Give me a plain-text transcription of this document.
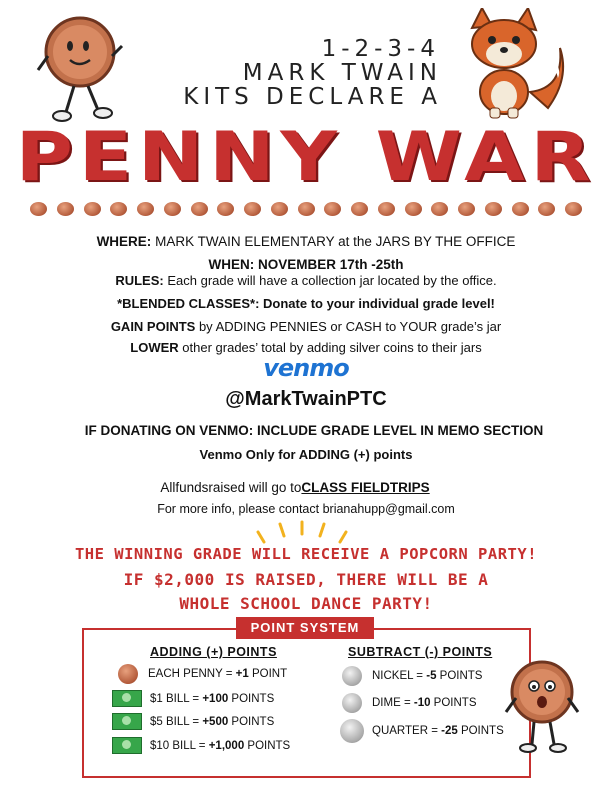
1-2-3-4
MARK TWAIN
KITS DECLARE A
PENNY WAR
WHERE: MARK TWAIN ELEMENTARY at the JARS BY THE OFFICE
WHEN: NOVEMBER 17th -25th
RULES: Each grade will have a collection jar located by the office.
*BLENDED CLASSES*: Donate to your individual grade level!
GAIN POINTS by ADDING PENNIES or CASH to YOUR grade’s jar
LOWER other grades’ total by adding silver coins to their jars
venmo
@MarkTwainPTC
IF DONATING ON VENMO: INCLUDE GRADE LEVEL IN MEMO SECTION
Venmo Only for ADDING (+) points
Allfundsraised will go toCLASS FIELDTRIPS
For more info, please contact brianahupp@gmail.com
THE WINNING GRADE WILL RECEIVE A POPCORN PARTY!
IF $2,000 IS RAISED, THERE WILL BE A
WHOLE SCHOOL DANCE PARTY!
POINT SYSTEM
ADDING (+) POINTS	SUBTRACT (-) POINTS
EACH PENNY = +1 POINT
$1 BILL = +100 POINTS
$5 BILL = +500 POINTS
$10 BILL = +1,000 POINTS
NICKEL = -5 POINTS
DIME = -10 POINTS
QUARTER = -25 POINTS
